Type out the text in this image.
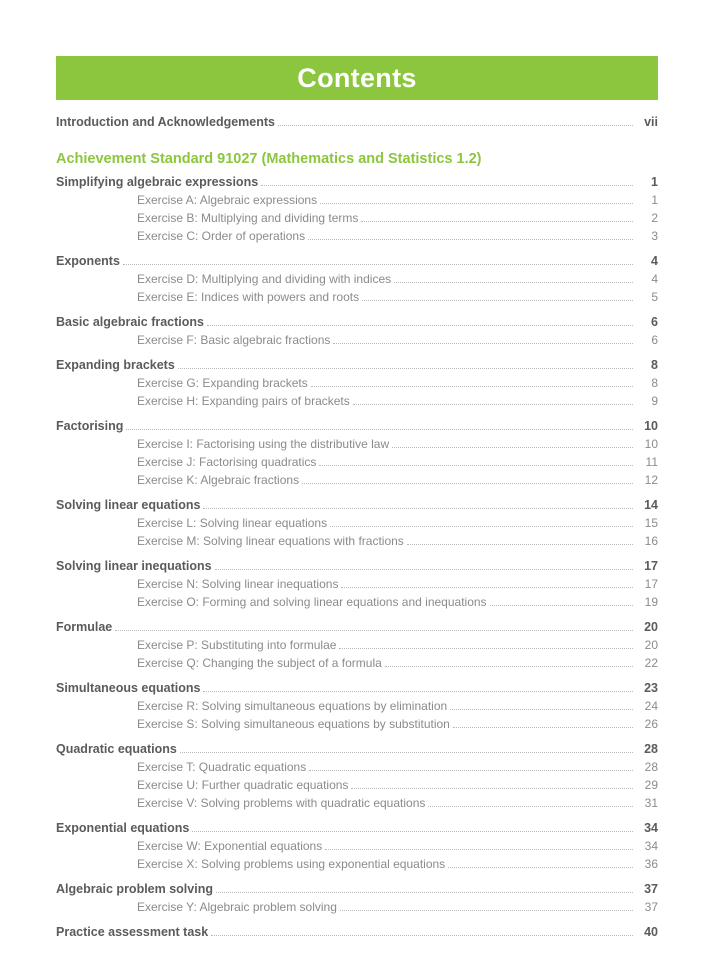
Contents
Introduction and Acknowledgements	vii
Achievement Standard 91027 (Mathematics and Statistics 1.2)
Simplifying algebraic expressions	1
Exercise A: Algebraic expressions	1
Exercise B: Multiplying and dividing terms	2
Exercise C: Order of operations	3
Exponents	4
Exercise D: Multiplying and dividing with indices	4
Exercise E: Indices with powers and roots	5
Basic algebraic fractions	6
Exercise F: Basic algebraic fractions	6
Expanding brackets	8
Exercise G: Expanding brackets	8
Exercise H: Expanding pairs of brackets	9
Factorising	10
Exercise I: Factorising using the distributive law	10
Exercise J: Factorising quadratics	11
Exercise K: Algebraic fractions	12
Solving linear equations	14
Exercise L: Solving linear equations	15
Exercise M: Solving linear equations with fractions	16
Solving linear inequations	17
Exercise N: Solving linear inequations	17
Exercise O: Forming and solving linear equations and inequations	19
Formulae	20
Exercise P: Substituting into formulae	20
Exercise Q: Changing the subject of a formula	22
Simultaneous equations	23
Exercise R: Solving simultaneous equations by elimination	24
Exercise S: Solving simultaneous equations by substitution	26
Quadratic equations	28
Exercise T: Quadratic equations	28
Exercise U: Further quadratic equations	29
Exercise V: Solving problems with quadratic equations	31
Exponential equations	34
Exercise W: Exponential equations	34
Exercise X: Solving problems using exponential equations	36
Algebraic problem solving	37
Exercise Y: Algebraic problem solving	37
Practice assessment task	40
